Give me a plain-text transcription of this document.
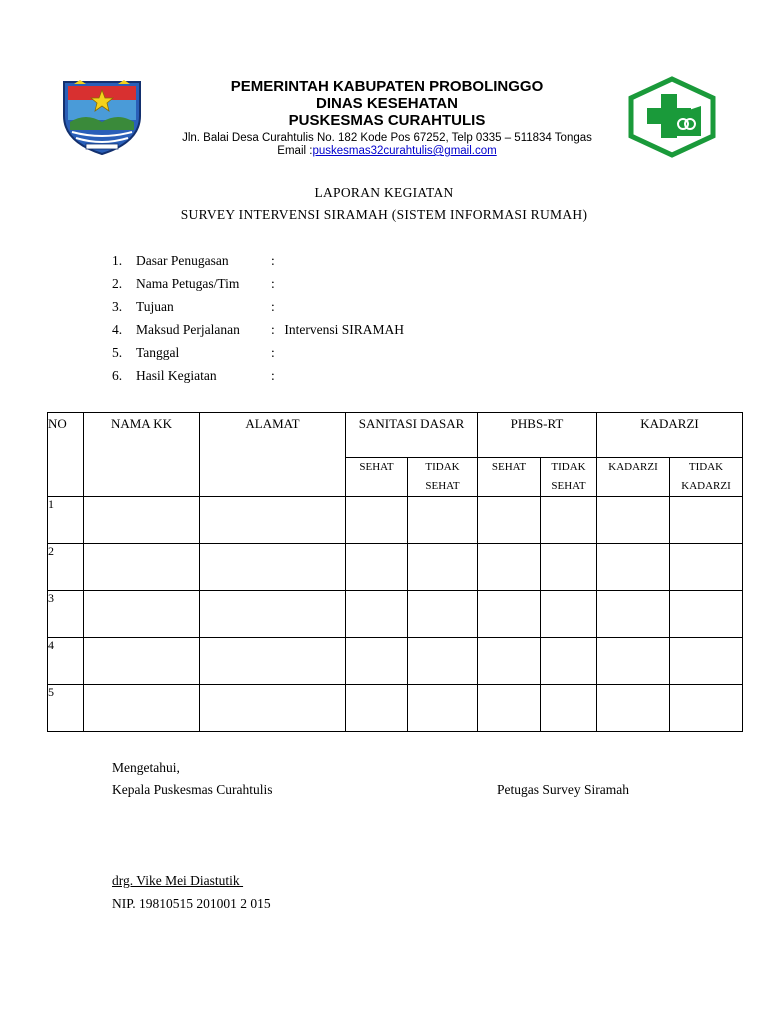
PEMERINTAH KABUPATEN PROBOLINGGO
DINAS KESEHATAN
PUSKESMAS CURAHTULIS
Jln. Balai Desa Curahtulis No. 182 Kode Pos 67252, Telp 0335 – 511834 Tongas
Email :puskesmas32curahtulis@gmail.com
LAPORAN KEGIATAN
SURVEY INTERVENSI SIRAMAH (SISTEM INFORMASI RUMAH)
1.	Dasar Penugasan	:
2.	Nama Petugas/Tim	:
3.	Tujuan	:
4.	Maksud Perjalanan	: Intervensi SIRAMAH
5.	Tanggal	:
6.	Hasil Kegiatan	:
NO	NAMA KK	ALAMAT	SANITASI DASAR		PHBS-RT		KADARZI	
			SEHAT	TIDAK SEHAT	SEHAT	TIDAK SEHAT	KADARZI	TIDAK KADARZI
1								
2								
3								
4								
5								
Mengetahui,
Kepala Puskesmas Curahtulis	Petugas Survey Siramah
drg. Vike Mei Diastutik
NIP. 19810515 201001 2 015
